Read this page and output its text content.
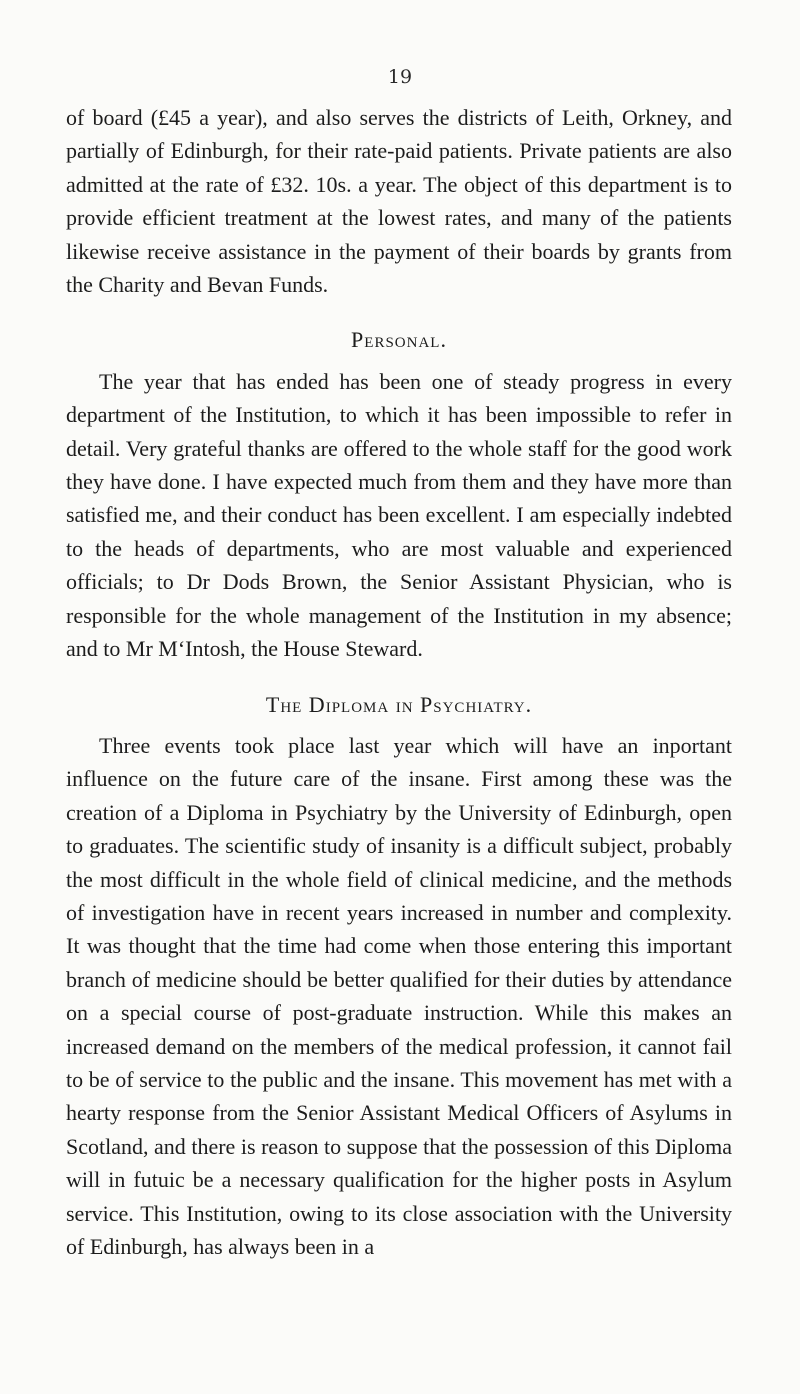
19

of board (£45 a year), and also serves the districts of Leith, Orkney, and partially of Edinburgh, for their rate-paid patients. Private patients are also admitted at the rate of £32. 10s. a year. The object of this department is to provide efficient treatment at the lowest rates, and many of the patients likewise receive assistance in the payment of their boards by grants from the Charity and Bevan Funds.

Personal.

The year that has ended has been one of steady progress in every department of the Institution, to which it has been impossible to refer in detail. Very grateful thanks are offered to the whole staff for the good work they have done. I have expected much from them and they have more than satisfied me, and their conduct has been excellent. I am especially indebted to the heads of departments, who are most valuable and experienced officials; to Dr Dods Brown, the Senior Assistant Physician, who is responsible for the whole management of the Institution in my absence; and to Mr M‘Intosh, the House Steward.

The Diploma in Psychiatry.

Three events took place last year which will have an inportant influence on the future care of the insane. First among these was the creation of a Diploma in Psychiatry by the University of Edinburgh, open to graduates. The scientific study of insanity is a difficult subject, probably the most difficult in the whole field of clinical medicine, and the methods of investigation have in recent years increased in number and complexity. It was thought that the time had come when those entering this important branch of medicine should be better qualified for their duties by attendance on a special course of post-graduate instruction. While this makes an increased demand on the members of the medical profession, it cannot fail to be of service to the public and the insane. This movement has met with a hearty response from the Senior Assistant Medical Officers of Asylums in Scotland, and there is reason to suppose that the possession of this Diploma will in futuic be a necessary qualification for the higher posts in Asylum service. This Institution, owing to its close association with the University of Edinburgh, has always been in a
